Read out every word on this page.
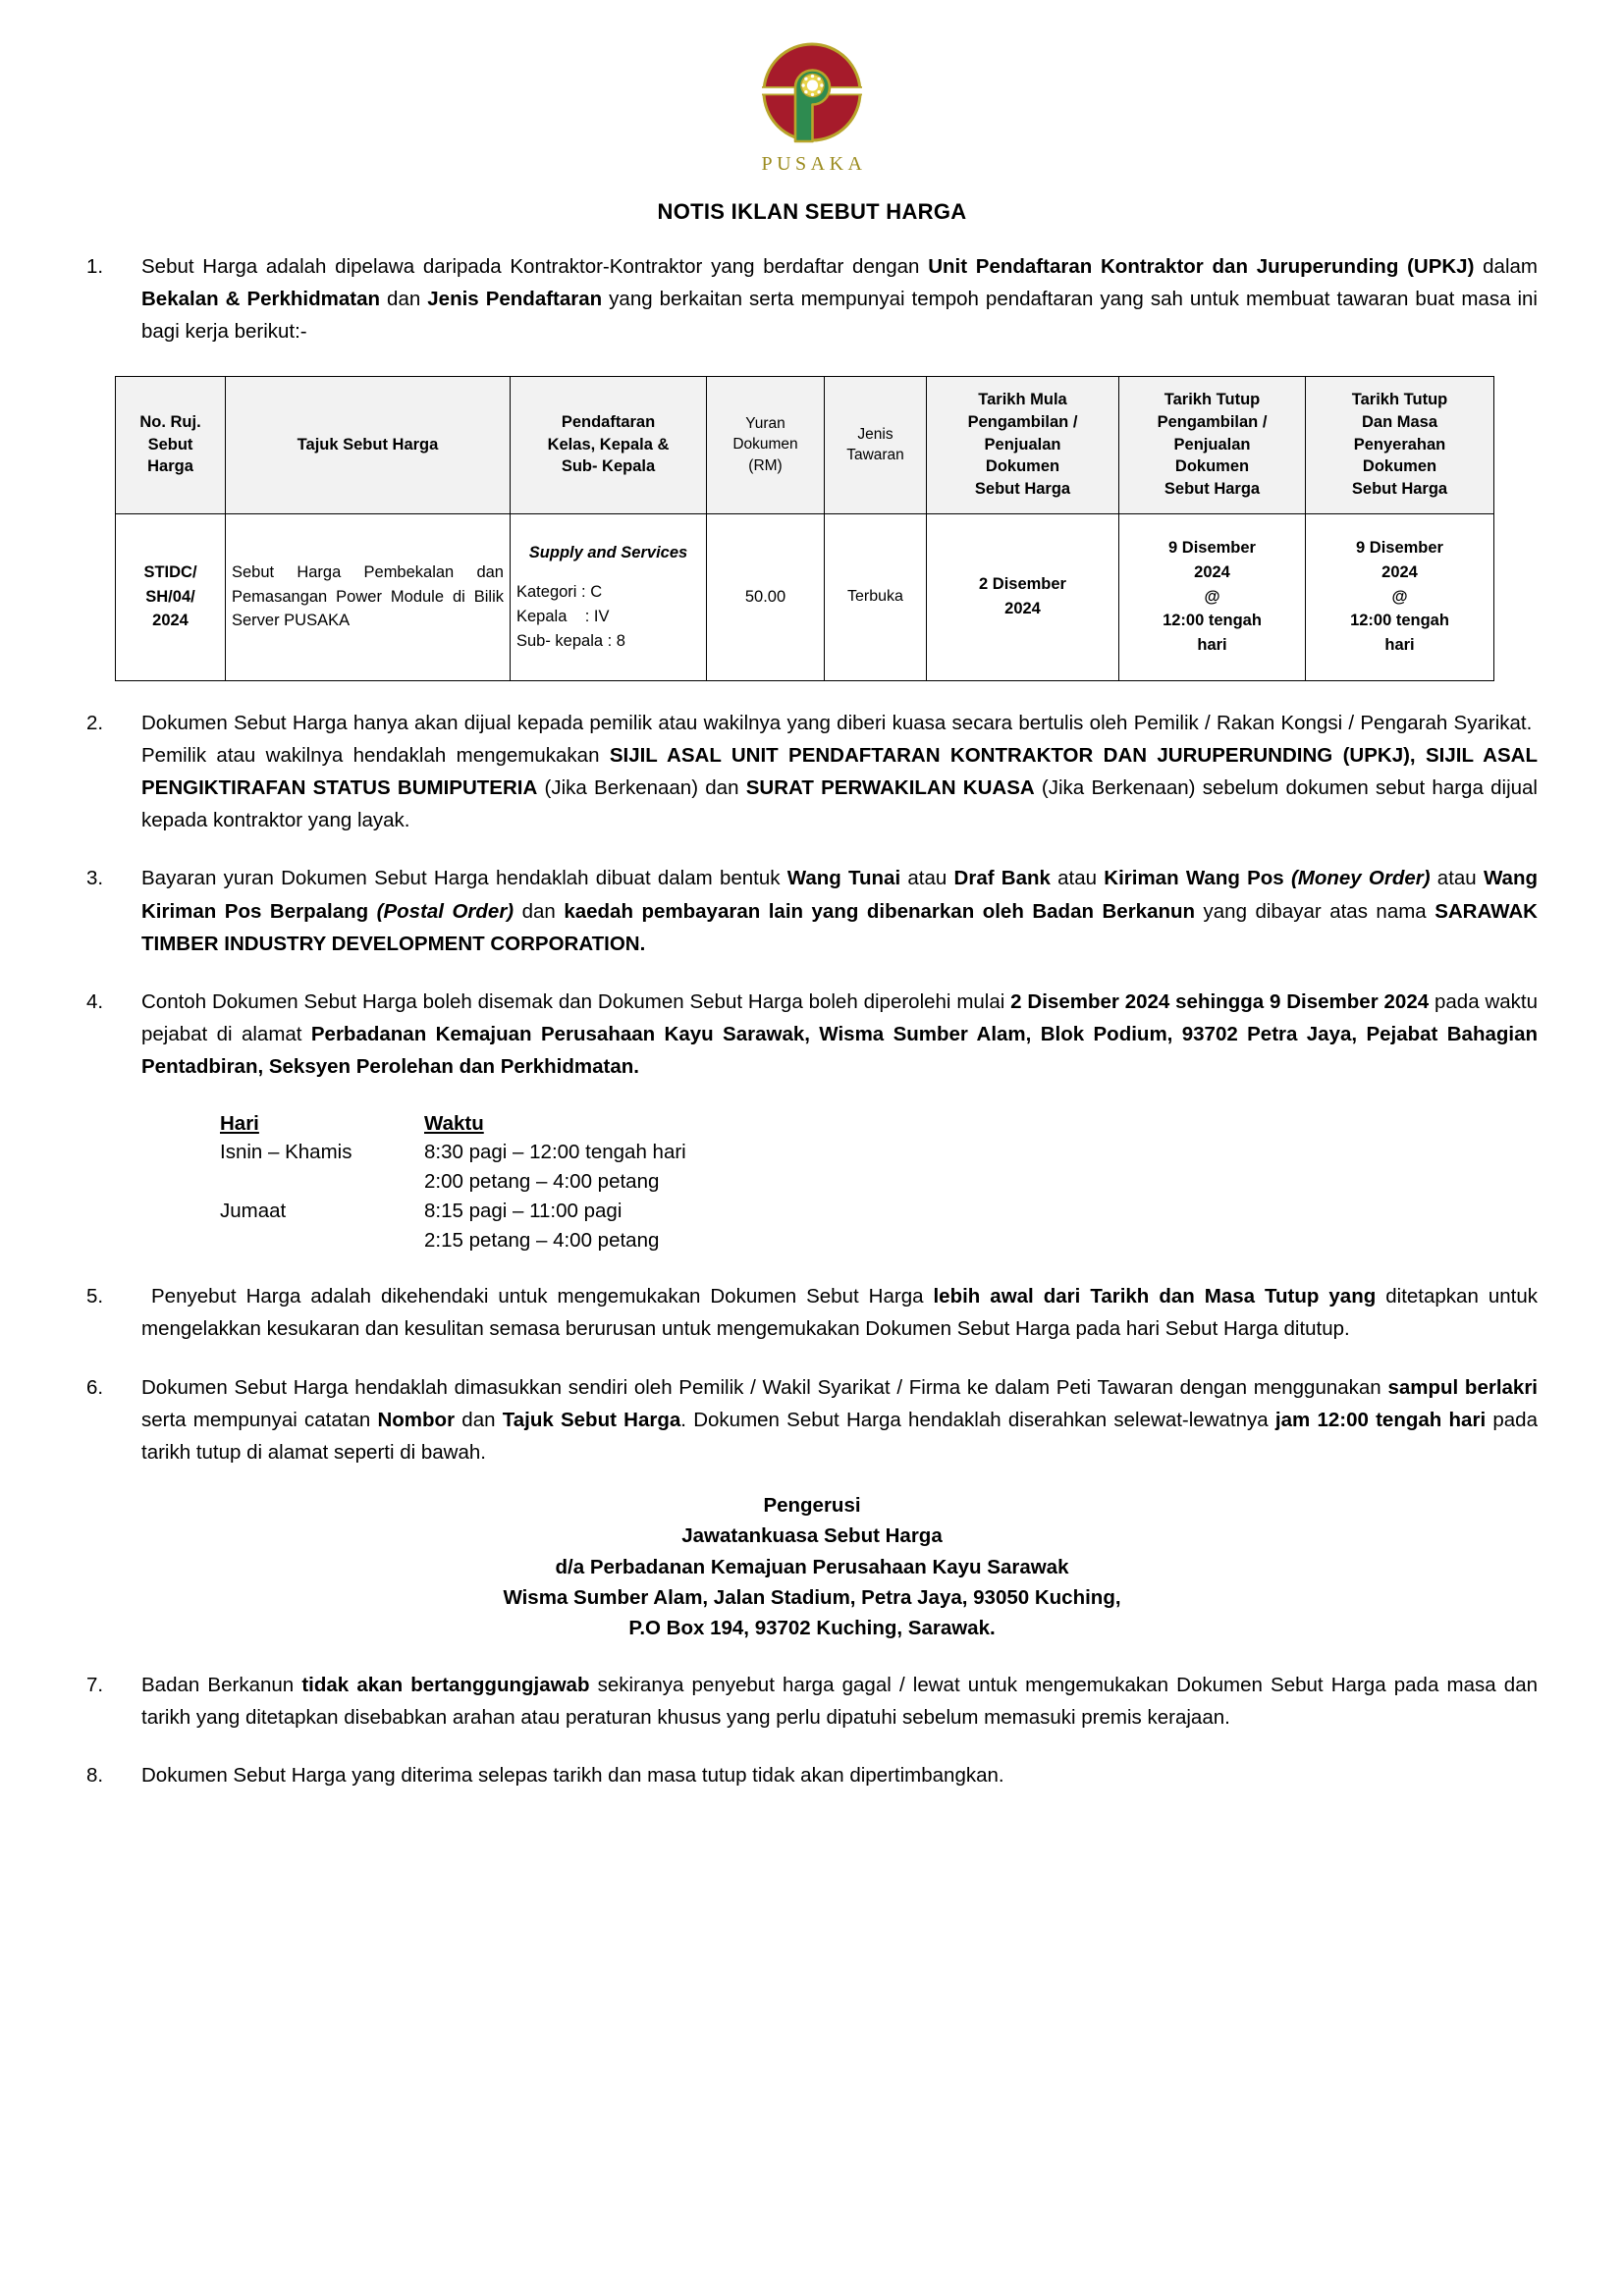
PUSAKA
NOTIS IKLAN SEBUT HARGA
1.	Sebut Harga adalah dipelawa daripada Kontraktor-Kontraktor yang berdaftar dengan Unit Pendaftaran Kontraktor dan Juruperunding (UPKJ) dalam Bekalan & Perkhidmatan dan Jenis Pendaftaran yang berkaitan serta mempunyai tempoh pendaftaran yang sah untuk membuat tawaran buat masa ini bagi kerja berikut:-
No. Ruj.
Sebut
Harga	Tajuk Sebut Harga	Pendaftaran
Kelas, Kepala &
Sub- Kepala	Yuran
Dokumen
(RM)	Jenis
Tawaran	Tarikh Mula
Pengambilan /
Penjualan
Dokumen
Sebut Harga	Tarikh Tutup
Pengambilan /
Penjualan
Dokumen
Sebut Harga	Tarikh Tutup
Dan Masa
Penyerahan
Dokumen
Sebut Harga
STIDC/
SH/04/
2024	Sebut Harga Pembekalan dan Pemasangan Power Module di Bilik Server PUSAKA	Supply and Services
Kategori : C
Kepala    : IV
Sub- kepala : 8	50.00	Terbuka	2 Disember
2024	9 Disember
2024
@
12:00 tengah
hari	9 Disember
2024
@
12:00 tengah
hari
2.	Dokumen Sebut Harga hanya akan dijual kepada pemilik atau wakilnya yang diberi kuasa secara bertulis oleh Pemilik / Rakan Kongsi / Pengarah Syarikat.  Pemilik atau wakilnya hendaklah mengemukakan SIJIL ASAL UNIT PENDAFTARAN KONTRAKTOR DAN JURUPERUNDING (UPKJ), SIJIL ASAL PENGIKTIRAFAN STATUS BUMIPUTERIA (Jika Berkenaan) dan SURAT PERWAKILAN KUASA (Jika Berkenaan) sebelum dokumen sebut harga dijual kepada kontraktor yang layak.
3.	Bayaran yuran Dokumen Sebut Harga hendaklah dibuat dalam bentuk Wang Tunai atau Draf Bank atau Kiriman Wang Pos (Money Order) atau Wang Kiriman Pos Berpalang (Postal Order) dan kaedah pembayaran lain yang dibenarkan oleh Badan Berkanun yang dibayar atas nama SARAWAK TIMBER INDUSTRY DEVELOPMENT CORPORATION.
4.	Contoh Dokumen Sebut Harga boleh disemak dan Dokumen Sebut Harga boleh diperolehi mulai 2 Disember 2024 sehingga 9 Disember 2024 pada waktu pejabat di alamat Perbadanan Kemajuan Perusahaan Kayu Sarawak, Wisma Sumber Alam, Blok Podium, 93702 Petra Jaya, Pejabat Bahagian Pentadbiran, Seksyen Perolehan dan Perkhidmatan.
Hari	Waktu
Isnin – Khamis	8:30 pagi – 12:00 tengah hari
2:00 petang – 4:00 petang
Jumaat	8:15 pagi – 11:00 pagi
2:15 petang – 4:00 petang
5.	Penyebut Harga adalah dikehendaki untuk mengemukakan Dokumen Sebut Harga lebih awal dari Tarikh dan Masa Tutup yang ditetapkan untuk mengelakkan kesukaran dan kesulitan semasa berurusan untuk mengemukakan Dokumen Sebut Harga pada hari Sebut Harga ditutup.
6.	Dokumen Sebut Harga hendaklah dimasukkan sendiri oleh Pemilik / Wakil Syarikat / Firma ke dalam Peti Tawaran dengan menggunakan sampul berlakri serta mempunyai catatan Nombor dan Tajuk Sebut Harga. Dokumen Sebut Harga hendaklah diserahkan selewat-lewatnya jam 12:00 tengah hari pada tarikh tutup di alamat seperti di bawah.
Pengerusi
Jawatankuasa Sebut Harga
d/a Perbadanan Kemajuan Perusahaan Kayu Sarawak
Wisma Sumber Alam, Jalan Stadium, Petra Jaya, 93050 Kuching,
P.O Box 194, 93702 Kuching, Sarawak.
7.	Badan Berkanun tidak akan bertanggungjawab sekiranya penyebut harga gagal / lewat untuk mengemukakan Dokumen Sebut Harga pada masa dan tarikh yang ditetapkan disebabkan arahan atau peraturan khusus yang perlu dipatuhi sebelum memasuki premis kerajaan.
8.	Dokumen Sebut Harga yang diterima selepas tarikh dan masa tutup tidak akan dipertimbangkan.
